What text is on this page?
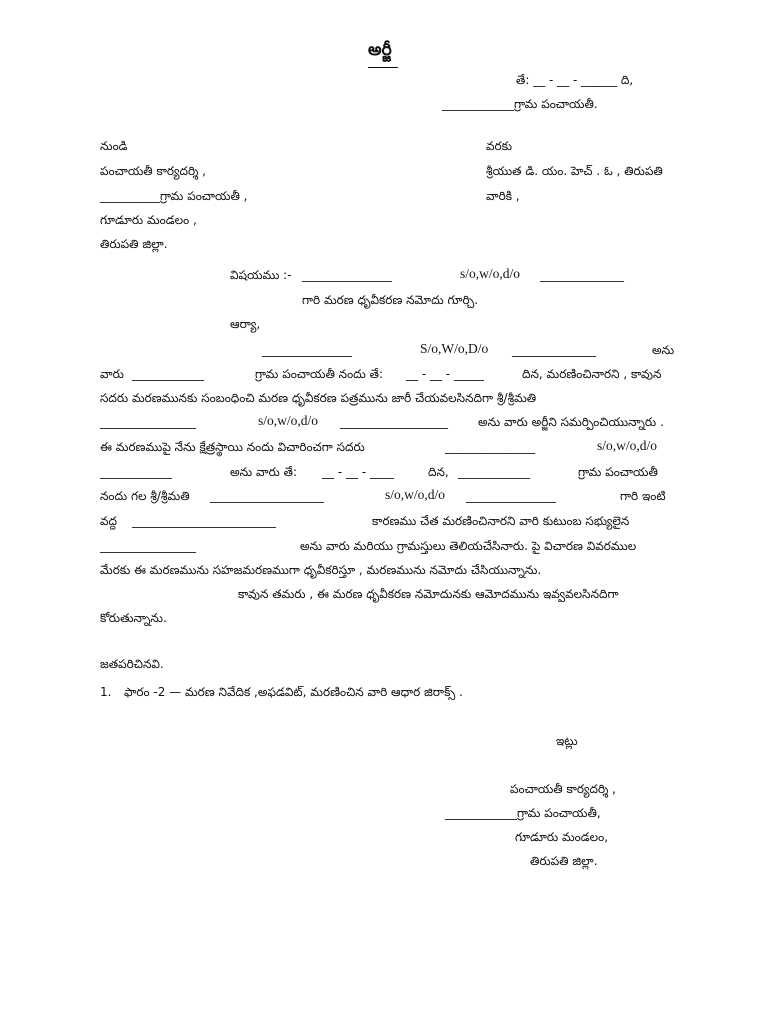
అర్జీ
తే: __ - __ - ______ ది,
____________గ్రామ పంచాయతీ.
నుండి
పంచాయతీ కార్యదర్శి ,
__________గ్రామ పంచాయతీ ,
గూడూరు మండలం ,
తిరుపతి జిల్లా.
వరకు
శ్రీయుత డి. యం. హెచ్ . ఓ , తిరుపతి
వారికి ,
విషయము :- _______________	s/o,w/o,d/o ______________
గారి మరణ ధృవీకరణ నమోదు గూర్చి.
ఆర్యా,
_______________	S/o,W/o,D/o ______________	అను
వారు ____________	గ్రామ పంచాయతీ నందు తే: __ - __ - _____	దిన, మరణించినారని , కావున
సదరు మరణమునకు సంబంధించి మరణ ధృవీకరణ పత్రమును జారీ చేయవలసినదిగా శ్రీ/శ్రీమతి
________________	s/o,w/o,d/o __________________	అను వారు అర్జీని సమర్పించియున్నారు .
ఈ మరణముపై నేను క్షేత్రస్థాయి నందు విచారించగా సదరు	_______________	s/o,w/o,d/o
____________	అను వారు తే: __ - __ - ____	దిన, ____________	గ్రామ పంచాయతీ
నందు గల శ్రీ/శ్రీమతి ___________________	s/o,w/o,d/o _______________	గారి ఇంటి
వద్ద ________________________	కారణము చేత మరణించినారని వారి కుటుంబ సభ్యులైన
________________	అను వారు మరియు గ్రామస్తులు తెలియచేసినారు. పై విచారణ వివరముల
మేరకు ఈ మరణమును సహజమరణముగా ధృవీకరిస్తూ , మరణమును నమోదు చేసియున్నాను.
కావున తమరు , ఈ మరణ ధృవీకరణ నమోదునకు ఆమోదమును ఇవ్వవలసినదిగా
కోరుతున్నాను.
జతపరిచినవి.
1. ఫారం -2 — మరణ నివేదిక ,అఫడవిట్, మరణించిన వారి ఆధార జిరాక్స్ .
ఇట్లు
పంచాయతీ కార్యదర్శి ,
____________గ్రామ పంచాయతీ,
గూడూరు మండలం,
తిరుపతి జిల్లా.
